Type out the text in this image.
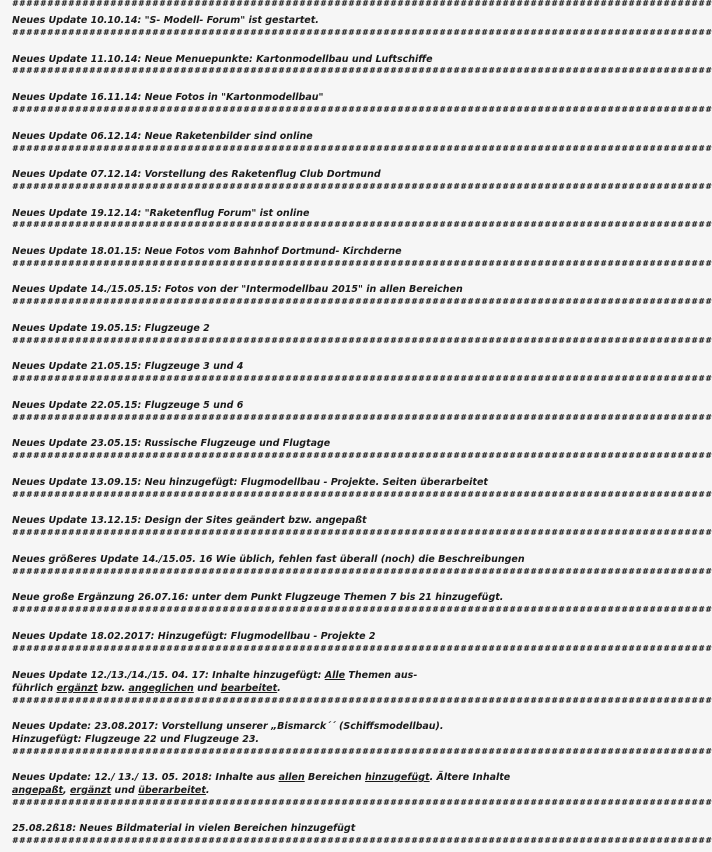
####################################################################################################
Neues Update 10.10.14: "S- Modell- Forum" ist gestartet.
####################################################################################################
Neues Update 11.10.14: Neue Menuepunkte: Kartonmodellbau und Luftschiffe
####################################################################################################
Neues Update 16.11.14: Neue Fotos in "Kartonmodellbau"
####################################################################################################
Neues Update 06.12.14: Neue Raketenbilder sind online
####################################################################################################
Neues Update 07.12.14: Vorstellung des Raketenflug Club Dortmund
####################################################################################################
Neues Update 19.12.14: "Raketenflug Forum" ist online
####################################################################################################
Neues Update 18.01.15: Neue Fotos vom Bahnhof Dortmund- Kirchderne
####################################################################################################
Neues Update 14./15.05.15: Fotos von der "Intermodellbau 2015" in allen Bereichen
####################################################################################################
Neues Update 19.05.15: Flugzeuge 2
####################################################################################################
Neues Update 21.05.15: Flugzeuge 3 und 4
####################################################################################################
Neues Update 22.05.15: Flugzeuge 5 und 6
####################################################################################################
Neues Update 23.05.15: Russische Flugzeuge und Flugtage
####################################################################################################
Neues Update 13.09.15: Neu hinzugefügt: Flugmodellbau - Projekte. Seiten überarbeitet
####################################################################################################
Neues Update 13.12.15: Design der Sites geändert bzw. angepaßt
####################################################################################################
Neues größeres Update 14./15.05. 16 Wie üblich, fehlen fast überall (noch) die Beschreibungen
####################################################################################################
Neue große Ergänzung 26.07.16: unter dem Punkt Flugzeuge Themen 7 bis 21 hinzugefügt.
####################################################################################################
Neues Update 18.02.2017: Hinzugefügt: Flugmodellbau - Projekte 2
####################################################################################################
Neues Update 12./13./14./15. 04. 17: Inhalte hinzugefügt: Alle Themen aus-
führlich ergänzt bzw. angeglichen und bearbeitet.
####################################################################################################
Neues Update: 23.08.2017: Vorstellung unserer „Bismarck´´ (Schiffsmodellbau).
Hinzugefügt: Flugzeuge 22 und Flugzeuge 23.
####################################################################################################
Neues Update: 12./ 13./ 13. 05. 2018: Inhalte aus allen Bereichen hinzugefügt. Ältere Inhalte
angepaßt, ergänzt und überarbeitet.
####################################################################################################
25.08.2ß18: Neues Bildmaterial in vielen Bereichen hinzugefügt
####################################################################################################
